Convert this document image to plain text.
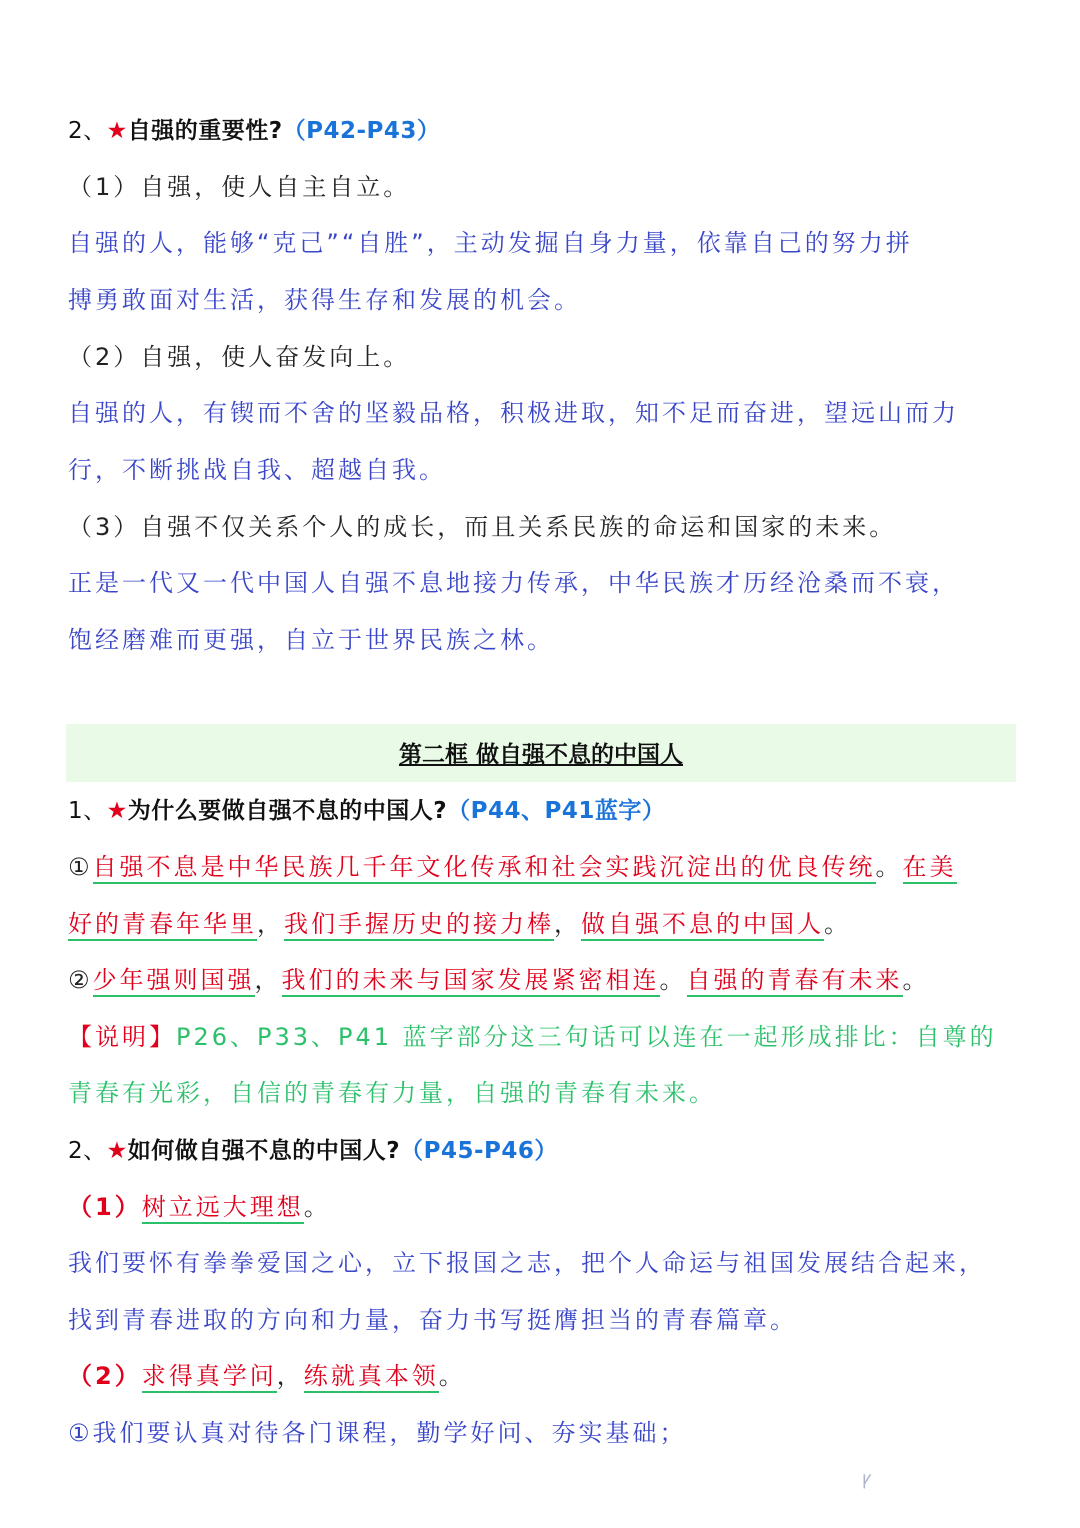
2、★自强的重要性?（P42-P43）
（1）自强，使人自主自立。
自强的人，能够“克己”“自胜”，主动发掘自身力量，依靠自己的努力拼
搏勇敢面对生活，获得生存和发展的机会。
（2）自强，使人奋发向上。
自强的人，有锲而不舍的坚毅品格，积极进取，知不足而奋进，望远山而力
行，不断挑战自我、超越自我。
（3）自强不仅关系个人的成长，而且关系民族的命运和国家的未来。
正是一代又一代中国人自强不息地接力传承，中华民族才历经沧桑而不衰，
饱经磨难而更强，自立于世界民族之林。
第二框 做自强不息的中国人
1、★为什么要做自强不息的中国人?（P44、P41蓝字）
①自强不息是中华民族几千年文化传承和社会实践沉淀出的优良传统。在美
好的青春年华里，我们手握历史的接力棒，做自强不息的中国人。
②少年强则国强，我们的未来与国家发展紧密相连。自强的青春有未来。
【说明】P26、P33、P41 蓝字部分这三句话可以连在一起形成排比：自尊的
青春有光彩，自信的青春有力量，自强的青春有未来。
2、★如何做自强不息的中国人?（P45-P46）
（1）树立远大理想。
我们要怀有拳拳爱国之心，立下报国之志，把个人命运与祖国发展结合起来，
找到青春进取的方向和力量，奋力书写挺膺担当的青春篇章。
（2）求得真学问，练就真本领。
①我们要认真对待各门课程，勤学好问、夯实基础；
ꝩ
